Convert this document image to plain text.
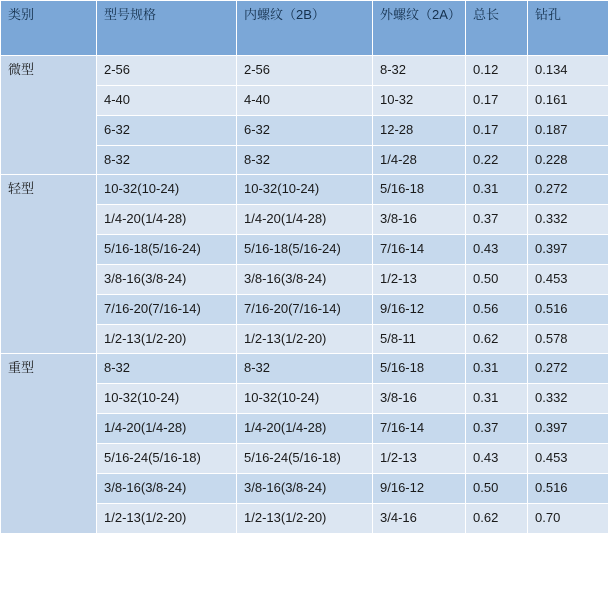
类别	型号规格	内螺纹（2B）	外螺纹（2A）	总长	钻孔
微型	2-56	2-56	8-32	0.12	0.134
	4-40	4-40	10-32	0.17	0.161
	6-32	6-32	12-28	0.17	0.187
	8-32	8-32	1/4-28	0.22	0.228
轻型	10-32(10-24)	10-32(10-24)	5/16-18	0.31	0.272
	1/4-20(1/4-28)	1/4-20(1/4-28)	3/8-16	0.37	0.332
	5/16-18(5/16-24)	5/16-18(5/16-24)	7/16-14	0.43	0.397
	3/8-16(3/8-24)	3/8-16(3/8-24)	1/2-13	0.50	0.453
	7/16-20(7/16-14)	7/16-20(7/16-14)	9/16-12	0.56	0.516
	1/2-13(1/2-20)	1/2-13(1/2-20)	5/8-11	0.62	0.578
重型	8-32	8-32	5/16-18	0.31	0.272
	10-32(10-24)	10-32(10-24)	3/8-16	0.31	0.332
	1/4-20(1/4-28)	1/4-20(1/4-28)	7/16-14	0.37	0.397
	5/16-24(5/16-18)	5/16-24(5/16-18)	1/2-13	0.43	0.453
	3/8-16(3/8-24)	3/8-16(3/8-24)	9/16-12	0.50	0.516
	1/2-13(1/2-20)	1/2-13(1/2-20)	3/4-16	0.62	0.70
